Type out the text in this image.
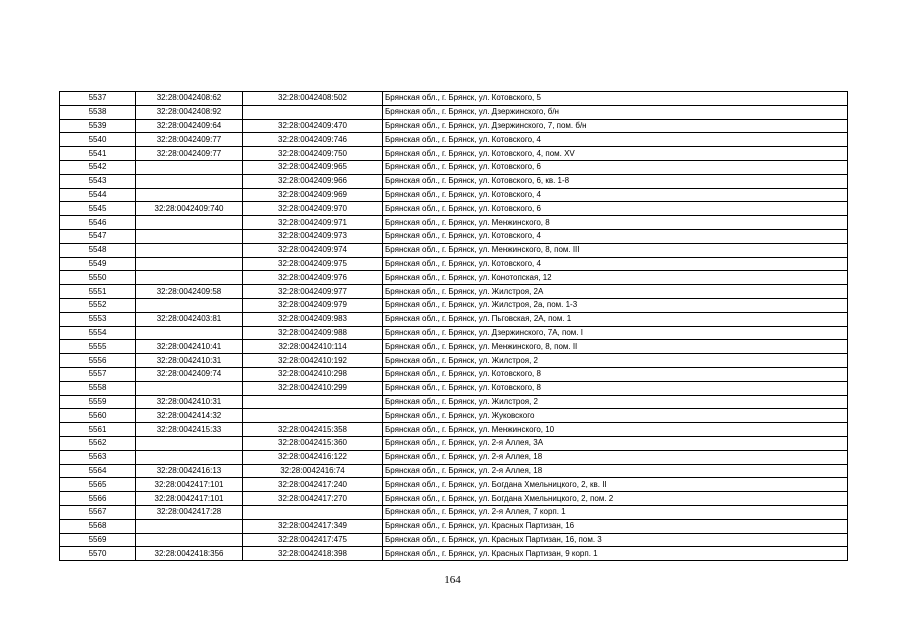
5537	32:28:0042408:62	32:28:0042408:502	Брянская обл., г. Брянск, ул. Котовского, 5
5538	32:28:0042408:92		Брянская обл., г. Брянск, ул. Дзержинского, б/н
5539	32:28:0042409:64	32:28:0042409:470	Брянская обл., г. Брянск, ул. Дзержинского, 7, пом. б/н
5540	32:28:0042409:77	32:28:0042409:746	Брянская обл., г. Брянск, ул. Котовского, 4
5541	32:28:0042409:77	32:28:0042409:750	Брянская обл., г. Брянск, ул. Котовского, 4, пом. XV
5542		32:28:0042409:965	Брянская обл., г. Брянск, ул. Котовского, 6
5543		32:28:0042409:966	Брянская обл., г. Брянск, ул. Котовского, 6, кв. 1-8
5544		32:28:0042409:969	Брянская обл., г. Брянск, ул. Котовского, 4
5545	32:28:0042409:740	32:28:0042409:970	Брянская обл., г. Брянск, ул. Котовского, 6
5546		32:28:0042409:971	Брянская обл., г. Брянск, ул. Менжинского, 8
5547		32:28:0042409:973	Брянская обл., г. Брянск, ул. Котовского, 4
5548		32:28:0042409:974	Брянская обл., г. Брянск, ул. Менжинского, 8, пом. III
5549		32:28:0042409:975	Брянская обл., г. Брянск, ул. Котовского, 4
5550		32:28:0042409:976	Брянская обл., г. Брянск, ул. Конотопская, 12
5551	32:28:0042409:58	32:28:0042409:977	Брянская обл., г. Брянск, ул. Жилстроя, 2А
5552		32:28:0042409:979	Брянская обл., г. Брянск, ул. Жилстроя, 2а, пом. 1-3
5553	32:28:0042403:81	32:28:0042409:983	Брянская обл., г. Брянск, ул. Пьговская, 2А, пом. 1
5554		32:28:0042409:988	Брянская обл., г. Брянск, ул. Дзержинского, 7А, пом. I
5555	32:28:0042410:41	32:28:0042410:114	Брянская обл., г. Брянск, ул. Менжинского, 8, пом. II
5556	32:28:0042410:31	32:28:0042410:192	Брянская обл., г. Брянск, ул. Жилстроя, 2
5557	32:28:0042409:74	32:28:0042410:298	Брянская обл., г. Брянск, ул. Котовского, 8
5558		32:28:0042410:299	Брянская обл., г. Брянск, ул. Котовского, 8
5559	32:28:0042410:31		Брянская обл., г. Брянск, ул. Жилстроя, 2
5560	32:28:0042414:32		Брянская обл., г. Брянск, ул. Жуковского
5561	32:28:0042415:33	32:28:0042415:358	Брянская обл., г. Брянск, ул. Менжинского, 10
5562		32:28:0042415:360	Брянская обл., г. Брянск, ул. 2-я Аллея, 3А
5563		32:28:0042416:122	Брянская обл., г. Брянск, ул. 2-я Аллея, 18
5564	32:28:0042416:13	32:28:0042416:74	Брянская обл., г. Брянск, ул. 2-я Аллея, 18
5565	32:28:0042417:101	32:28:0042417:240	Брянская обл., г. Брянск, ул. Богдана Хмельницкого, 2, кв. II
5566	32:28:0042417:101	32:28:0042417:270	Брянская обл., г. Брянск, ул. Богдана Хмельницкого, 2, пом. 2
5567	32:28:0042417:28		Брянская обл., г. Брянск, ул. 2-я Аллея, 7 корп. 1
5568		32:28:0042417:349	Брянская обл., г. Брянск, ул. Красных Партизан, 16
5569		32:28:0042417:475	Брянская обл., г. Брянск, ул. Красных Партизан, 16, пом. 3
5570	32:28:0042418:356	32:28:0042418:398	Брянская обл., г. Брянск, ул. Красных Партизан, 9 корп. 1
164
